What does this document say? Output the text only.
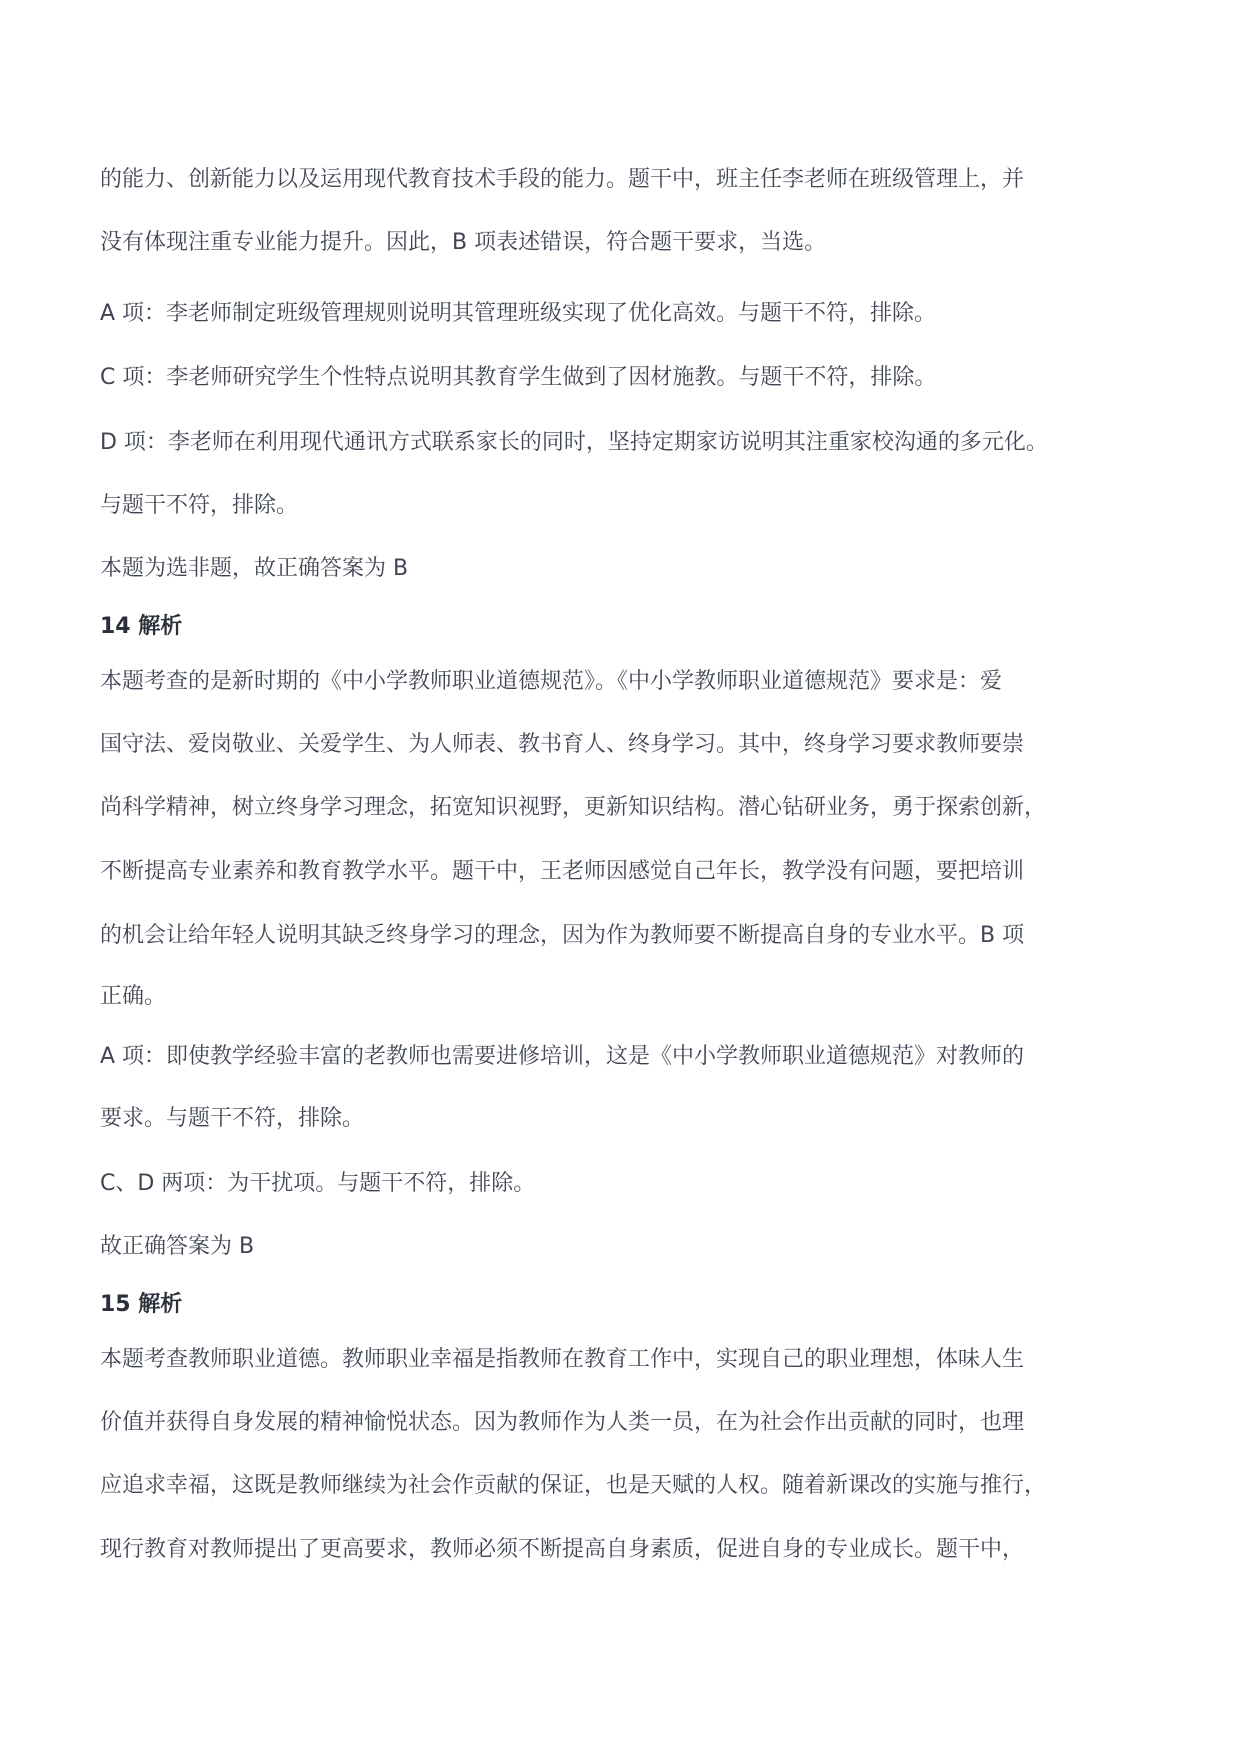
的能力、创新能力以及运用现代教育技术手段的能力。题干中，班主任李老师在班级管理上，并
没有体现注重专业能力提升。因此，B 项表述错误，符合题干要求，当选。
A 项：李老师制定班级管理规则说明其管理班级实现了优化高效。与题干不符，排除。
C 项：李老师研究学生个性特点说明其教育学生做到了因材施教。与题干不符，排除。
D 项：李老师在利用现代通讯方式联系家长的同时，坚持定期家访说明其注重家校沟通的多元化。
与题干不符，排除。
本题为选非题，故正确答案为 B
14 解析
本题考查的是新时期的《中小学教师职业道德规范》。《中小学教师职业道德规范》要求是：爱
国守法、爱岗敬业、关爱学生、为人师表、教书育人、终身学习。其中，终身学习要求教师要崇
尚科学精神，树立终身学习理念，拓宽知识视野，更新知识结构。潜心钻研业务，勇于探索创新，
不断提高专业素养和教育教学水平。题干中，王老师因感觉自己年长，教学没有问题，要把培训
的机会让给年轻人说明其缺乏终身学习的理念，因为作为教师要不断提高自身的专业水平。B 项
正确。
A 项：即使教学经验丰富的老教师也需要进修培训，这是《中小学教师职业道德规范》对教师的
要求。与题干不符，排除。
C、D 两项：为干扰项。与题干不符，排除。
故正确答案为 B
15 解析
本题考查教师职业道德。教师职业幸福是指教师在教育工作中，实现自己的职业理想，体味人生
价值并获得自身发展的精神愉悦状态。因为教师作为人类一员，在为社会作出贡献的同时，也理
应追求幸福，这既是教师继续为社会作贡献的保证，也是天赋的人权。随着新课改的实施与推行，
现行教育对教师提出了更高要求，教师必须不断提高自身素质，促进自身的专业成长。题干中，
